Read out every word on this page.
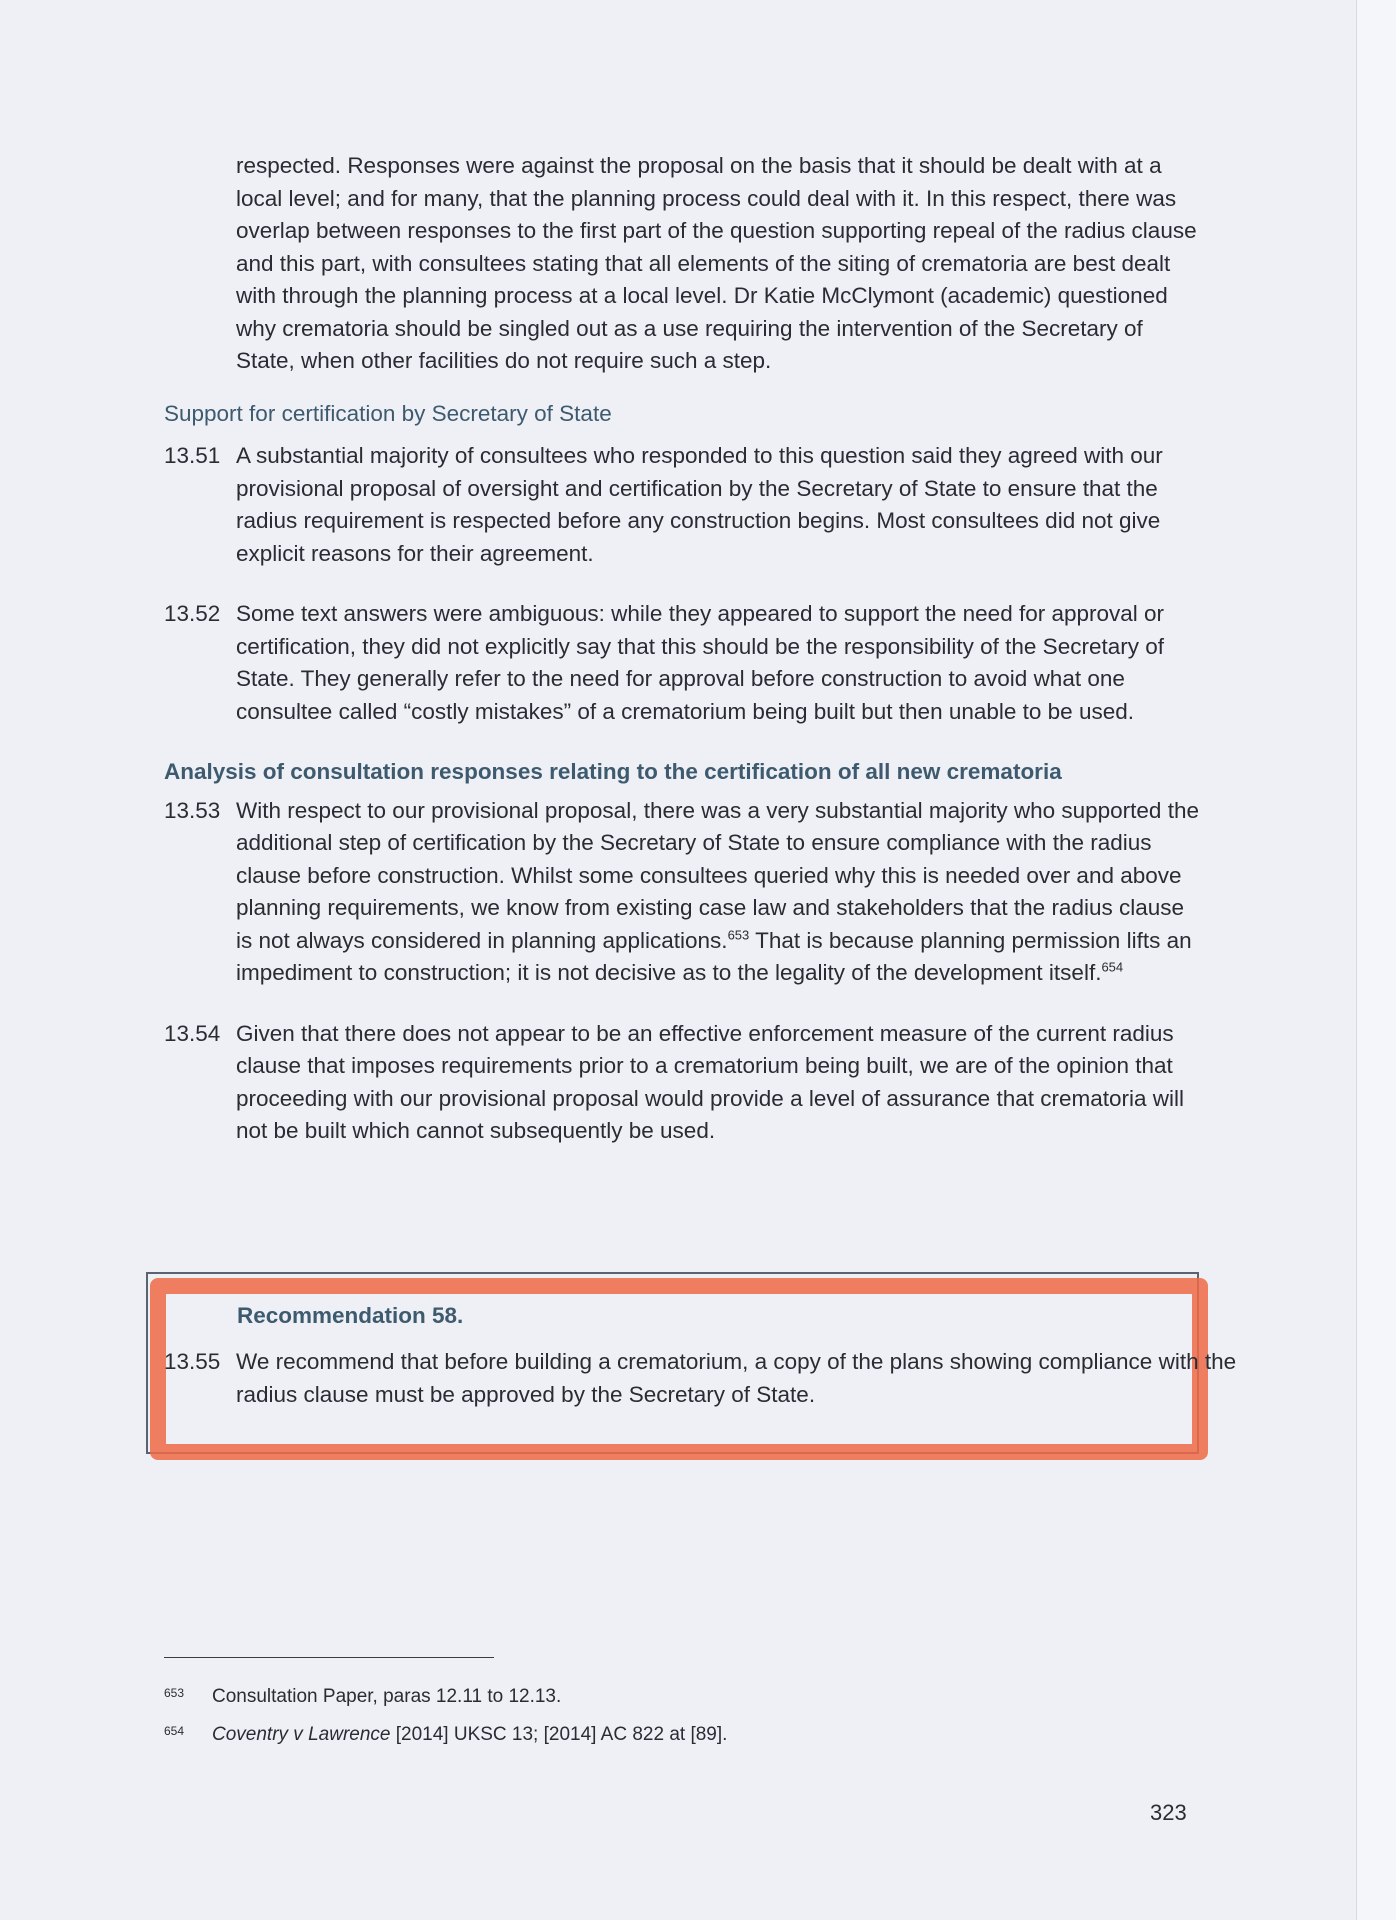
respected. Responses were against the proposal on the basis that it should be dealt with at a local level; and for many, that the planning process could deal with it. In this respect, there was overlap between responses to the first part of the question supporting repeal of the radius clause and this part, with consultees stating that all elements of the siting of crematoria are best dealt with through the planning process at a local level. Dr Katie McClymont (academic) questioned why crematoria should be singled out as a use requiring the intervention of the Secretary of State, when other facilities do not require such a step.

Support for certification by Secretary of State
13.51 A substantial majority of consultees who responded to this question said they agreed with our provisional proposal of oversight and certification by the Secretary of State to ensure that the radius requirement is respected before any construction begins. Most consultees did not give explicit reasons for their agreement.
13.52 Some text answers were ambiguous: while they appeared to support the need for approval or certification, they did not explicitly say that this should be the responsibility of the Secretary of State. They generally refer to the need for approval before construction to avoid what one consultee called “costly mistakes” of a crematorium being built but then unable to be used.
Analysis of consultation responses relating to the certification of all new crematoria
13.53 With respect to our provisional proposal, there was a very substantial majority who supported the additional step of certification by the Secretary of State to ensure compliance with the radius clause before construction. Whilst some consultees queried why this is needed over and above planning requirements, we know from existing case law and stakeholders that the radius clause is not always considered in planning applications.$^{653}$ That is because planning permission lifts an impediment to construction; it is not decisive as to the legality of the development itself.$^{654}$
13.54 Given that there does not appear to be an effective enforcement measure of the current radius clause that imposes requirements prior to a crematorium being built, we are of the opinion that proceeding with our provisional proposal would provide a level of assurance that crematoria will not be built which cannot subsequently be used.
Recommendation 58.
13.55 We recommend that before building a crematorium, a copy of the plans showing compliance with the radius clause must be approved by the Secretary of State.
653 Consultation Paper, paras 12.11 to 12.13.
654 Coventry v Lawrence [2014] UKSC 13; [2014] AC 822 at [89].
323
